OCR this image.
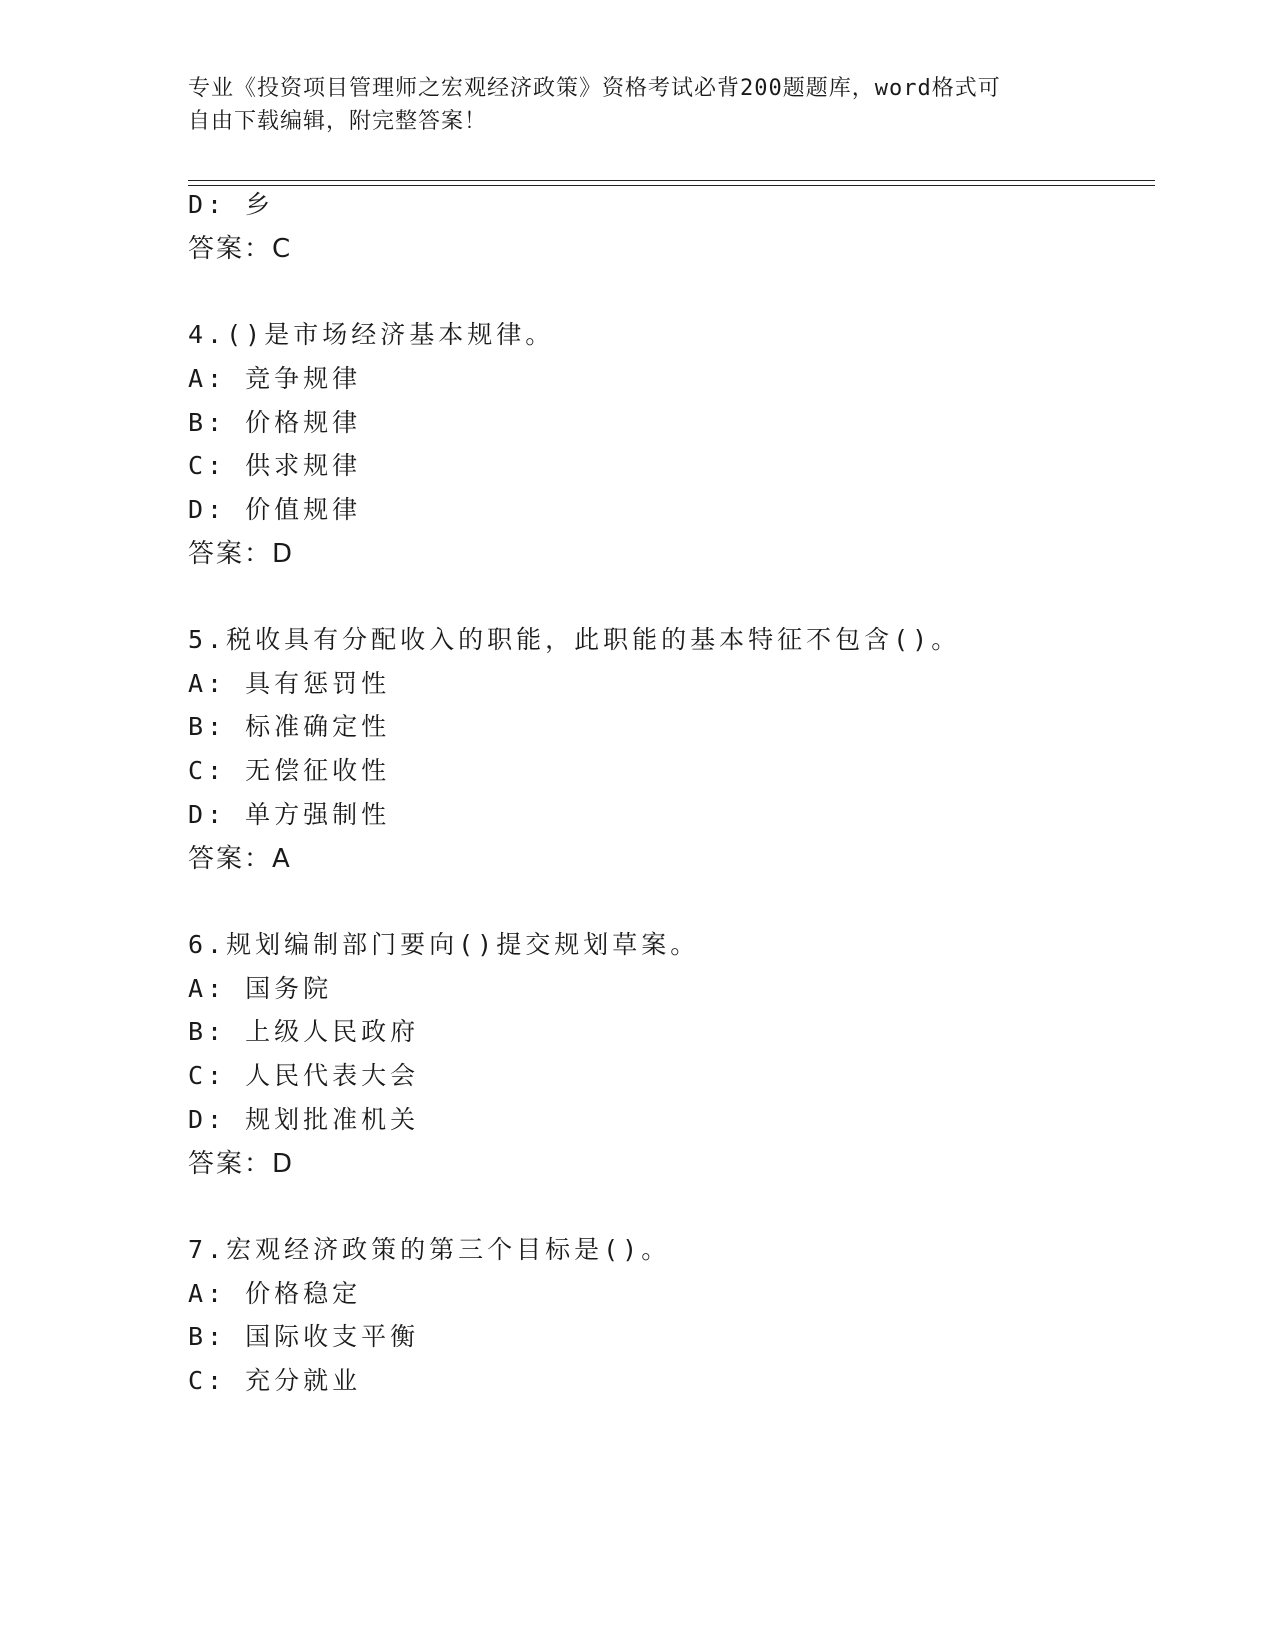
专业《投资项目管理师之宏观经济政策》资格考试必背200题题库，word格式可
自由下载编辑，附完整答案！
D: 乡
答案：C
4.()是市场经济基本规律。
A: 竞争规律
B: 价格规律
C: 供求规律
D: 价值规律
答案：D
5.税收具有分配收入的职能，此职能的基本特征不包含()。
A: 具有惩罚性
B: 标准确定性
C: 无偿征收性
D: 单方强制性
答案：A
6.规划编制部门要向()提交规划草案。
A: 国务院
B: 上级人民政府
C: 人民代表大会
D: 规划批准机关
答案：D
7.宏观经济政策的第三个目标是()。
A: 价格稳定
B: 国际收支平衡
C: 充分就业
